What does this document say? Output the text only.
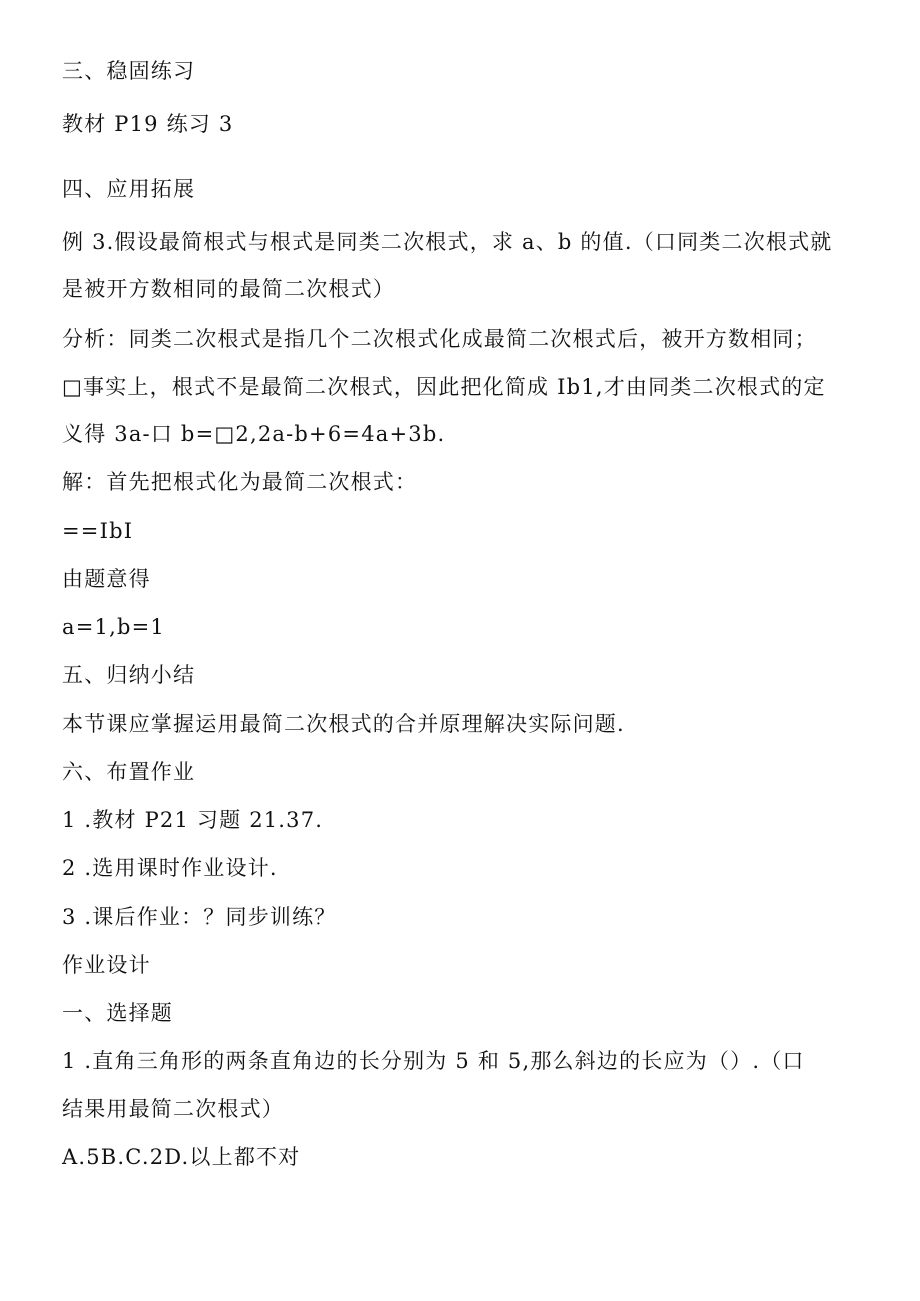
三、稳固练习
教材 P19 练习 3
四、应用拓展
例 3.假设最简根式与根式是同类二次根式，求 a、b 的值.（口同类二次根式就
是被开方数相同的最简二次根式）
分析：同类二次根式是指几个二次根式化成最简二次根式后，被开方数相同；
□事实上，根式不是最简二次根式，因此把化简成 Ib1,才由同类二次根式的定
义得 3a-口 b=□2,2a-b+6=4a+3b.
解：首先把根式化为最简二次根式：
==IbI
由题意得
a=1,b=1
五、归纳小结
本节课应掌握运用最简二次根式的合并原理解决实际问题.
六、布置作业
1 .教材 P21 习题 21.37.
2 .选用课时作业设计.
3 .课后作业：？同步训练？
作业设计
一、选择题
1 .直角三角形的两条直角边的长分别为 5 和 5,那么斜边的长应为（）.（口
结果用最简二次根式）
A.5B.C.2D.以上都不对
